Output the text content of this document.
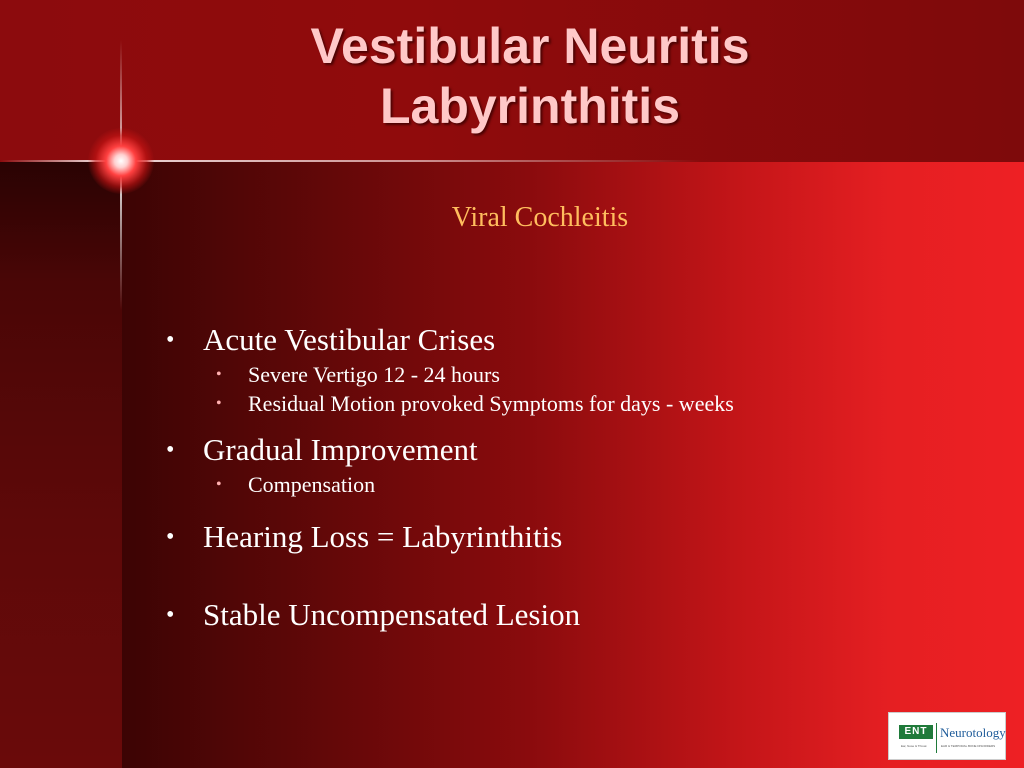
Vestibular Neuritis
Labyrinthitis
Viral Cochleitis
• Acute Vestibular Crises
• Severe Vertigo 12 - 24 hours
• Residual Motion provoked Symptoms for days - weeks
• Gradual Improvement
• Compensation
• Hearing Loss = Labyrinthitis
• Stable Uncompensated Lesion
ENT Neurotology
Ear, Nose & Throat	EAR & TEMPORAL BONE DISORDERS
